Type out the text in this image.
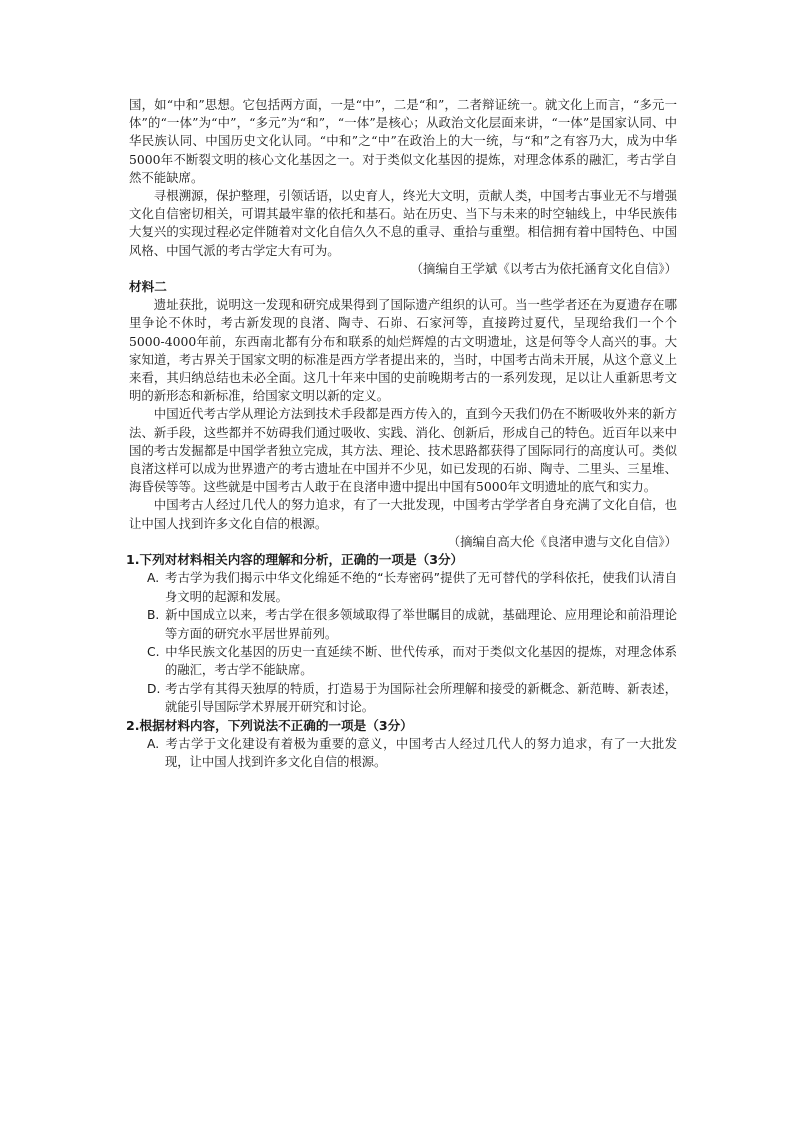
国，如“中和”思想。它包括两方面，一是“中”，二是“和”，二者辩证统一。就文化上而言，“多元一体”的“一体”为“中”，“多元”为“和”，“一体”是核心；从政治文化层面来讲，“一体”是国家认同、中华民族认同、中国历史文化认同。“中和”之“中”在政治上的大一统，与“和”之有容乃大，成为中华5000年不断裂文明的核心文化基因之一。对于类似文化基因的提炼，对理念体系的融汇，考古学自然不能缺席。

寻根溯源，保护整理，引领话语，以史育人，终光大文明，贡献人类，中国考古事业无不与增强文化自信密切相关，可谓其最牢靠的依托和基石。站在历史、当下与未来的时空轴线上，中华民族伟大复兴的实现过程必定伴随着对文化自信久久不息的重寻、重拾与重塑。相信拥有着中国特色、中国风格、中国气派的考古学定大有可为。

（摘编自王学斌《以考古为依托涵育文化自信》）

材料二

遗址获批，说明这一发现和研究成果得到了国际遗产组织的认可。当一些学者还在为夏遗存在哪里争论不休时，考古新发现的良渚、陶寺、石峁、石家河等，直接跨过夏代，呈现给我们一个个5000-4000年前，东西南北都有分布和联系的灿烂辉煌的古文明遗址，这是何等令人高兴的事。大家知道，考古界关于国家文明的标准是西方学者提出来的，当时，中国考古尚未开展，从这个意义上来看，其归纳总结也未必全面。这几十年来中国的史前晚期考古的一系列发现，足以让人重新思考文明的新形态和新标准，给国家文明以新的定义。

中国近代考古学从理论方法到技术手段都是西方传入的，直到今天我们仍在不断吸收外来的新方法、新手段，这些都并不妨碍我们通过吸收、实践、消化、创新后，形成自己的特色。近百年以来中国的考古发掘都是中国学者独立完成，其方法、理论、技术思路都获得了国际同行的高度认可。类似良渚这样可以成为世界遗产的考古遗址在中国并不少见，如已发现的石峁、陶寺、二里头、三星堆、海昏侯等等。这些就是中国考古人敢于在良渚申遗中提出中国有5000年文明遗址的底气和实力。

中国考古人经过几代人的努力追求，有了一大批发现，中国考古学学者自身充满了文化自信，也让中国人找到许多文化自信的根源。

（摘编自高大伦《良渚申遗与文化自信》）

1.下列对材料相关内容的理解和分析，正确的一项是（3分）

A. 考古学为我们揭示中华文化绵延不绝的“长寿密码”提供了无可替代的学科依托，使我们认清自身文明的起源和发展。

B. 新中国成立以来，考古学在很多领域取得了举世瞩目的成就，基础理论、应用理论和前沿理论等方面的研究水平居世界前列。

C. 中华民族文化基因的历史一直延续不断、世代传承，而对于类似文化基因的提炼，对理念体系的融汇，考古学不能缺席。

D. 考古学有其得天独厚的特质，打造易于为国际社会所理解和接受的新概念、新范畴、新表述，就能引导国际学术界展开研究和讨论。

2.根据材料内容，下列说法不正确的一项是（3分）

A. 考古学于文化建设有着极为重要的意义，中国考古人经过几代人的努力追求，有了一大批发现，让中国人找到许多文化自信的根源。
